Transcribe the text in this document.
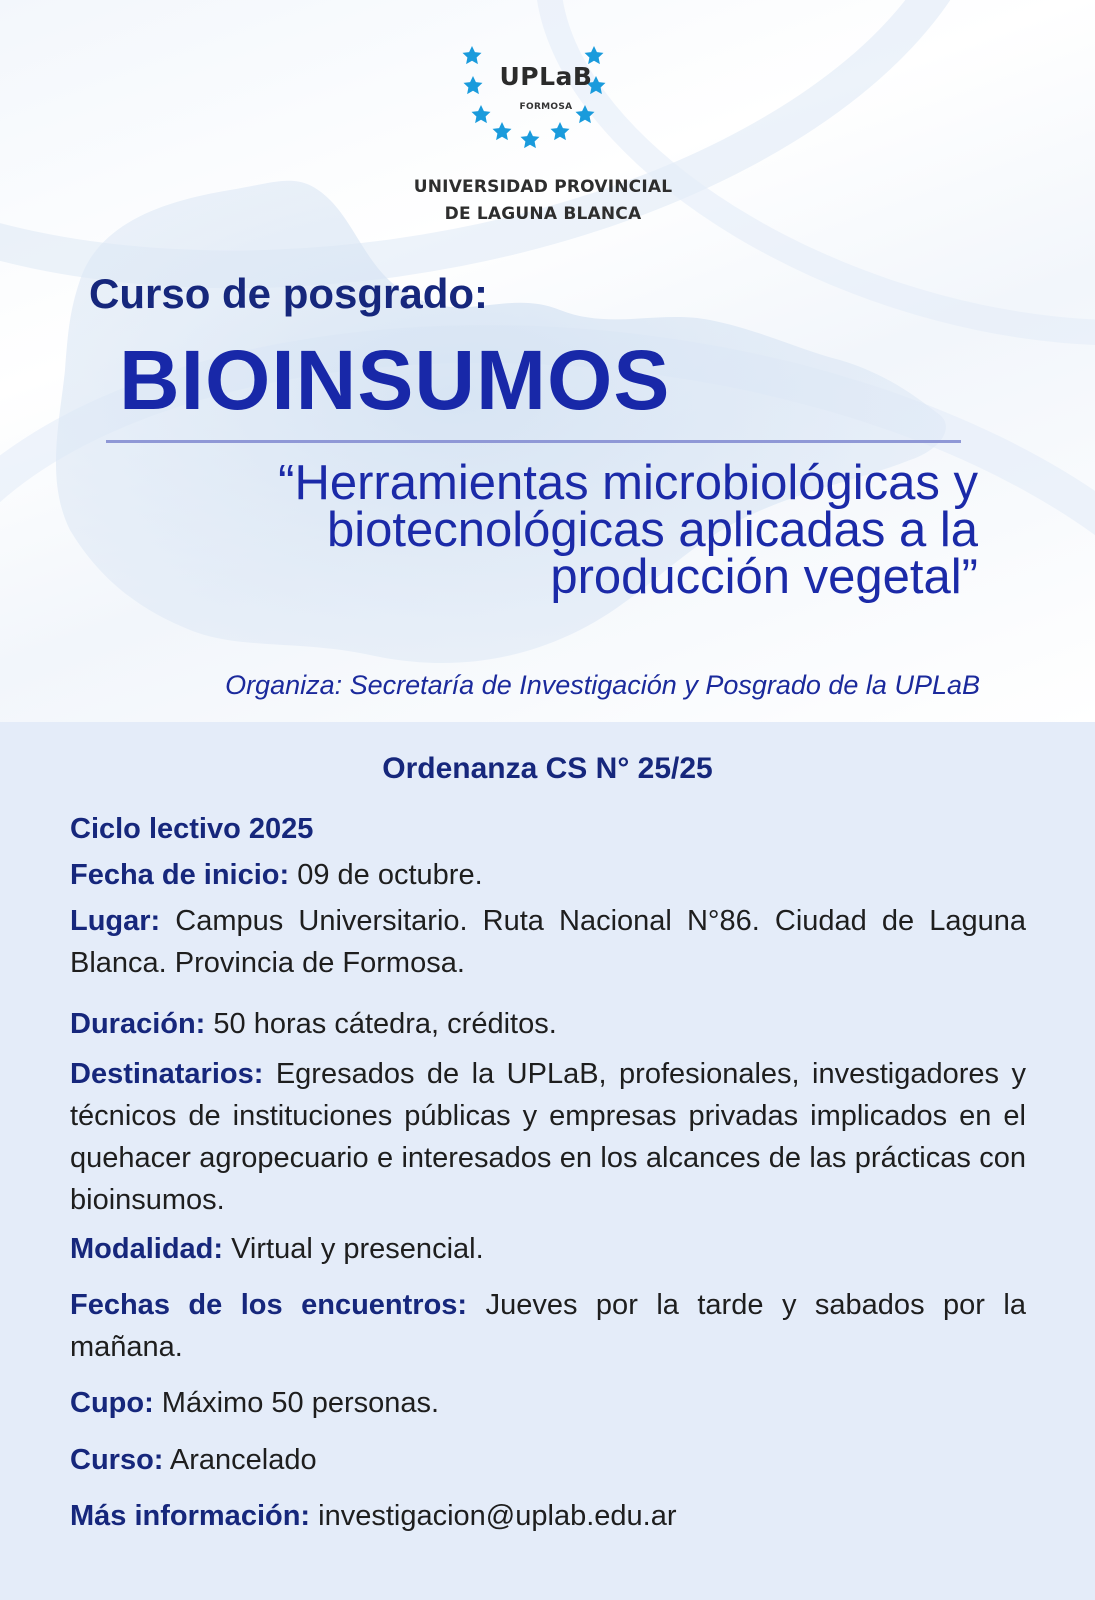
UPLaB
FORMOSA
UNIVERSIDAD PROVINCIAL
DE LAGUNA BLANCA
Curso de posgrado:
BIOINSUMOS
“Herramientas microbiológicas y
biotecnológicas aplicadas a la
producción vegetal”
Organiza: Secretaría de Investigación y Posgrado de la UPLaB
Ordenanza CS N° 25/25
Ciclo lectivo 2025
Fecha de inicio: 09 de octubre.
Lugar: Campus Universitario. Ruta Nacional N°86. Ciudad de Laguna Blanca. Provincia de Formosa.
Duración: 50 horas cátedra, créditos.
Destinatarios: Egresados de la UPLaB, profesionales, investigadores y técnicos de instituciones públicas y empresas privadas implicados en el quehacer agropecuario e interesados en los alcances de las prácticas con bioinsumos.
Modalidad: Virtual y presencial.
Fechas de los encuentros: Jueves por la tarde y sabados por la mañana.
Cupo: Máximo 50 personas.
Curso: Arancelado
Más información: investigacion@uplab.edu.ar
